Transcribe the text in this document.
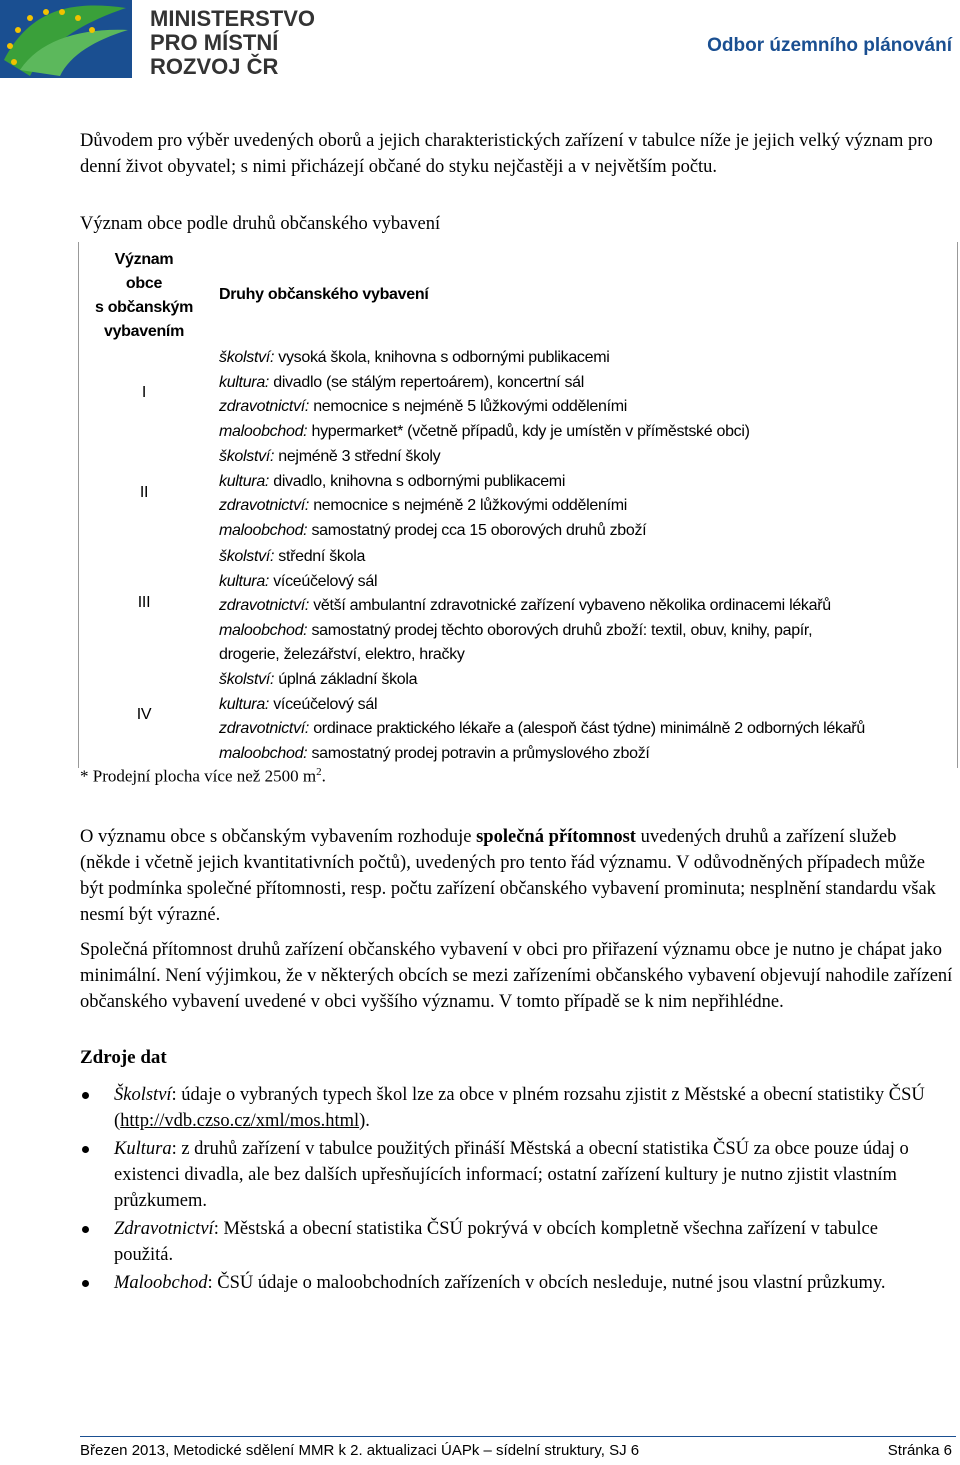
MINISTERSTVO
PRO MÍSTNÍ
ROZVOJ ČR
Odbor územního plánování
Důvodem pro výběr uvedených oborů a jejich charakteristických zařízení v tabulce níže je jejich velký význam pro denní život obyvatel; s nimi přicházejí občané do styku nejčastěji a v největším počtu.
Význam obce podle druhů občanského vybavení
Význam
obce
s občanským
vybavením
Druhy občanského vybavení
I
školství: vysoká škola, knihovna s odbornými publikacemi
kultura: divadlo (se stálým repertoárem), koncertní sál
zdravotnictví: nemocnice s nejméně 5 lůžkovými odděleními
maloobchod: hypermarket* (včetně případů, kdy je umístěn v příměstské obci)
II
školství: nejméně 3 střední školy
kultura: divadlo, knihovna s odbornými publikacemi
zdravotnictví: nemocnice s nejméně 2 lůžkovými odděleními
maloobchod: samostatný prodej cca 15 oborových druhů zboží
III
školství: střední škola
kultura: víceúčelový sál
zdravotnictví: větší ambulantní zdravotnické zařízení vybaveno několika ordinacemi lékařů
maloobchod: samostatný prodej těchto oborových druhů zboží: textil, obuv, knihy, papír,
drogerie, železářství, elektro, hračky
IV
školství: úplná základní škola
kultura: víceúčelový sál
zdravotnictví: ordinace praktického lékaře a (alespoň část týdne) minimálně 2 odborných lékařů
maloobchod: samostatný prodej potravin a průmyslového zboží
* Prodejní plocha více než 2500 $m^2$.
O významu obce s občanským vybavením rozhoduje společná přítomnost uvedených druhů a zařízení služeb (někde i včetně jejich kvantitativních počtů), uvedených pro tento řád významu. V odůvodněných případech může být podmínka společné přítomnosti, resp. počtu zařízení občanského vybavení prominuta; nesplnění standardu však nesmí být výrazné.
Společná přítomnost druhů zařízení občanského vybavení v obci pro přiřazení významu obce je nutno je chápat jako minimální. Není výjimkou, že v některých obcích se mezi zařízeními občanského vybavení objevují nahodile zařízení občanského vybavení uvedené v obci vyššího významu. V tomto případě se k nim nepřihlédne.
Zdroje dat
Školství: údaje o vybraných typech škol lze za obce v plném rozsahu zjistit z Městské a obecní statistiky ČSÚ (http://vdb.czso.cz/xml/mos.html).
Kultura: z druhů zařízení v tabulce použitých přináší Městská a obecní statistika ČSÚ za obce pouze údaj o existenci divadla, ale bez dalších upřesňujících informací; ostatní zařízení kultury je nutno zjistit vlastním průzkumem.
Zdravotnictví: Městská a obecní statistika ČSÚ pokrývá v obcích kompletně všechna zařízení v tabulce použitá.
Maloobchod: ČSÚ údaje o maloobchodních zařízeních v obcích nesleduje, nutné jsou vlastní průzkumy.
Březen 2013, Metodické sdělení MMR k 2. aktualizaci ÚAPk – sídelní struktury, SJ 6	Stránka 6
